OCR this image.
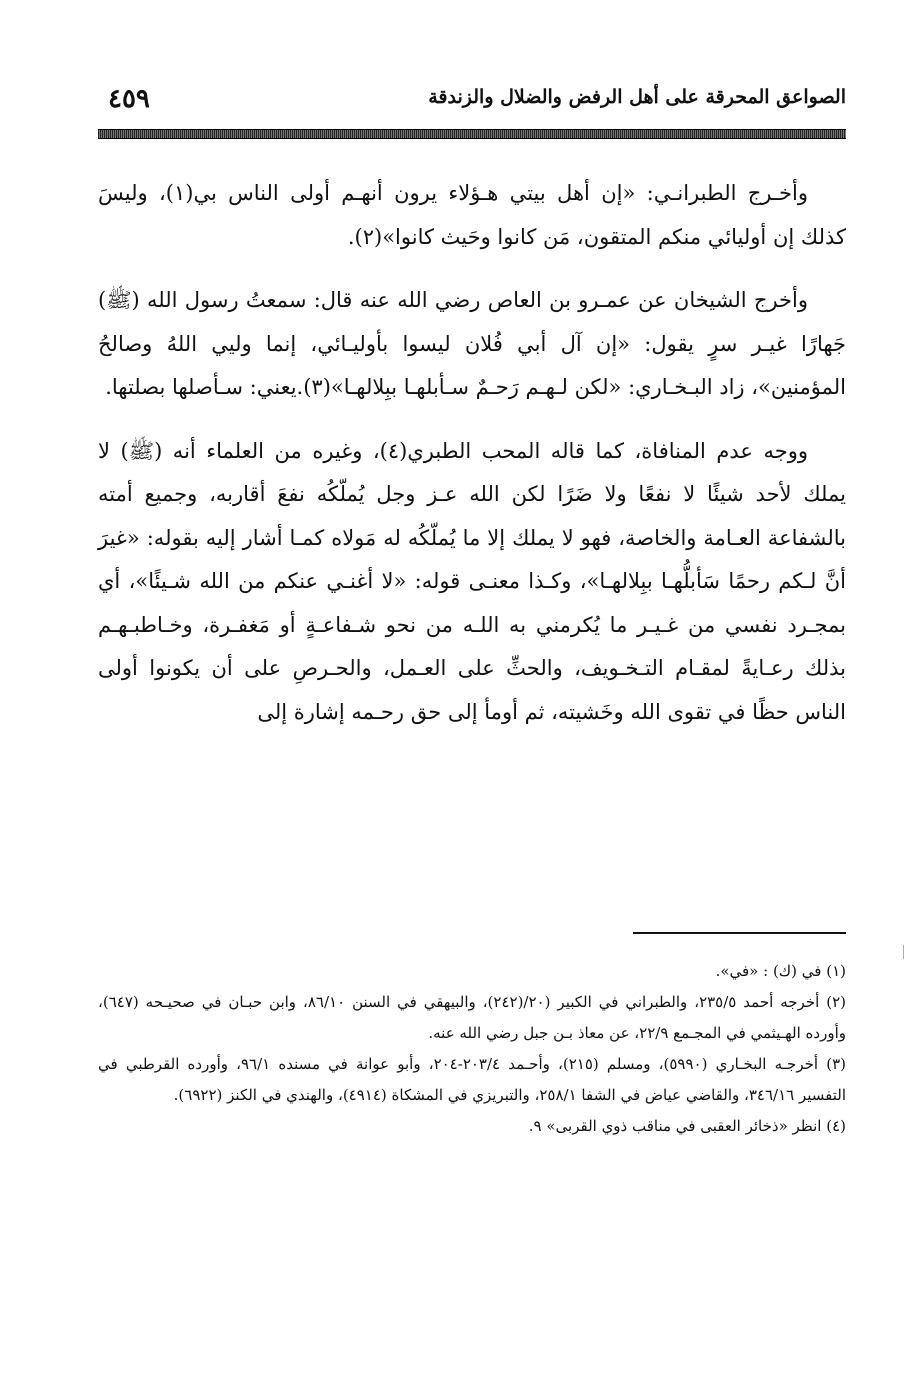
الصواعق المحرقة على أهل الرفض والضلال والزندقة
٤٥٩

وأخـرج الطبرانـي: «إن أهل بيتي هـؤلاء يرون أنهـم أولى الناس بي(١)، وليسَ كذلك إن أوليائي منكم المتقون، مَن كانوا وحَيث كانوا»(٢).

وأخرج الشيخان عن عمـرو بن العاص رضي الله عنه قال: سمعتُ رسول الله (ﷺ) جَهارًا غيـر سرٍ يقول: «إن آل أبي فُلان ليسوا بأوليـائي، إنما وليي اللهُ وصالحُ المؤمنين»، زاد البـخـاري: «لكن لـهـم رَحـمٌ سـأبلهـا ببِلالهـا»(٣).يعني: سـأصلها بصلتها.

ووجه عدم المنافاة، كما قاله المحب الطبري(٤)، وغيره من العلماء أنه (ﷺ) لا يملك لأحد شيئًا لا نفعًا ولا ضَرًا لكن الله عـز وجل يُملّكُه نفعَ أقاربه، وجميع أمته بالشفاعة العـامة والخاصة، فهو لا يملك إلا ما يُملّكُه له مَولاه كمـا أشار إليه بقوله: «غيرَ أنَّ لـكم رحمًا سَأبلُّهـا ببِلالهـا»، وكـذا معنـى قوله: «لا أغنـي عنكم من الله شـيئًا»، أي بمجـرد نفسي من غـيـر ما يُكرمني به اللـه من نحو شـفاعـةٍ أو مَغفـرة، وخـاطبـهـم بذلك رعـايةً لمقـام التـخـويف، والحثِّ على العـمل، والحـرصِ على أن يكونوا أولى الناس حظًا في تقوى الله وخَشيته، ثم أومأ إلى حق رحـمه إشارة إلى

(١) في (ك) : «في».

(٢) أخرجه أحمد ٢٣٥/٥، والطبراني في الكبير (٢٠/(٢٤٢)، والبيهقي في السنن ٨٦/١٠، وابن حبـان في صحيـحه (٦٤٧)، وأورده الهـيثمي في المجـمع ٢٢/٩، عن معاذ بـن جبل رضي الله عنه.

(٣) أخرجـه البخـاري (٥٩٩٠)، ومسلم (٢١٥)، وأحـمد ٢٠٣/٤-٢٠٤، وأبو عوانة في مسنده ٩٦/١، وأورده القرطبي في التفسير ٣٤٦/١٦، والقاضي عياض في الشفا ٢٥٨/١، والتبريزي في المشكاة (٤٩١٤)، والهندي في الكنز (٦٩٢٢).

(٤) انظر «ذخائر العقبى في مناقب ذوي القربى» ٩.
